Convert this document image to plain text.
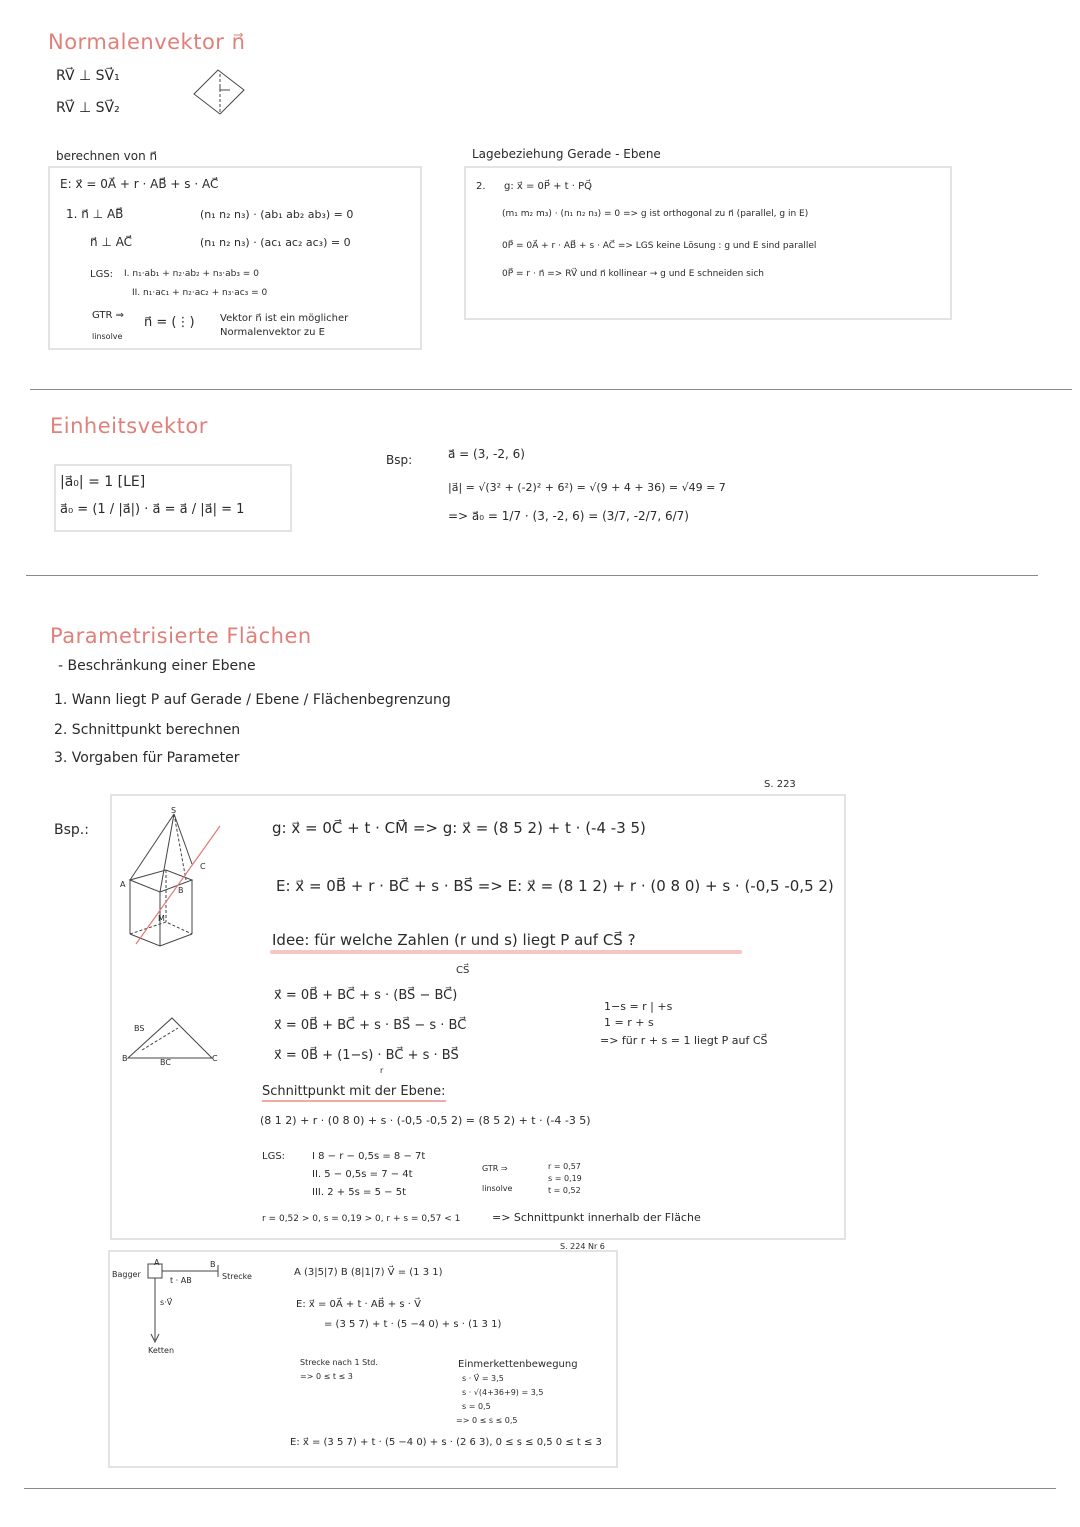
Normalenvektor n⃗
RV⃗ ⊥ SV⃗₁
RV⃗ ⊥ SV⃗₂
berechnen von n⃗
E: x⃗ = 0A⃗ + r · AB⃗ + s · AC⃗
1. n⃗ ⊥ AB⃗
n⃗ ⊥ AC⃗
(n₁ n₂ n₃) · (ab₁ ab₂ ab₃) = 0
(n₁ n₂ n₃) · (ac₁ ac₂ ac₃) = 0
LGS: I. n₁·ab₁ + n₂·ab₂ + n₃·ab₃ = 0
II. n₁·ac₁ + n₂·ac₂ + n₃·ac₃ = 0
GTR ⇒
linsolve
n⃗ = (⋮)	Vektor n⃗ ist ein möglicher
Normalenvektor zu E
Lagebeziehung Gerade - Ebene
2. g: x⃗ = 0P⃗ + t · PQ⃗
(m₁ m₂ m₃) · (n₁ n₂ n₃) = 0 => g ist orthogonal zu n⃗ (parallel, g in E)
0P⃗ = 0A⃗ + r · AB⃗ + s · AC⃗ => LGS keine Lösung : g und E sind parallel
0P⃗ = r · n⃗ => RV⃗ und n⃗ kollinear → g und E schneiden sich
Einheitsvektor
|a⃗₀| = 1 [LE]
a⃗₀ = (1 / |a⃗|) · a⃗ = a⃗ / |a⃗| = 1
Bsp:	a⃗ = (3, -2, 6)
|a⃗| = √(3² + (-2)² + 6²) = √(9 + 4 + 36) = √49 = 7
=> a⃗₀ = 1/7 · (3, -2, 6) = (3/7, -2/7, 6/7)
Parametrisierte Flächen
- Beschränkung einer Ebene
1. Wann liegt P auf Gerade / Ebene / Flächenbegrenzung
2. Schnittpunkt berechnen
3. Vorgaben für Parameter
S. 223
Bsp.:
S
A
B
C
M
B	C
BC
BS
g: x⃗ = 0C⃗ + t · CM⃗ => g: x⃗ = (8 5 2) + t · (-4 -3 5)
E: x⃗ = 0B⃗ + r · BC⃗ + s · BS⃗ => E: x⃗ = (8 1 2) + r · (0 8 0) + s · (-0,5 -0,5 2)
Idee: für welche Zahlen (r und s) liegt P auf CS⃗ ?
CS⃗
x⃗ = 0B⃗ + BC⃗ + s · (BS⃗ − BC⃗)
x⃗ = 0B⃗ + BC⃗ + s · BS⃗ − s · BC⃗
x⃗ = 0B⃗ + (1−s) · BC⃗ + s · BS⃗
r
1−s = r | +s
1 = r + s
=> für r + s = 1 liegt P auf CS⃗
Schnittpunkt mit der Ebene:
(8 1 2) + r · (0 8 0) + s · (-0,5 -0,5 2) = (8 5 2) + t · (-4 -3 5)
LGS:	I 8 − r − 0,5s = 8 − 7t
II. 5 − 0,5s = 7 − 4t
III. 2 + 5s = 5 − 5t
GTR ⇒
linsolve
r = 0,57
s = 0,19
t = 0,52
r = 0,52 > 0, s = 0,19 > 0, r + s = 0,57 < 1	=> Schnittpunkt innerhalb der Fläche
S. 224 Nr 6
Bagger
t · AB
A	B
Strecke
s·V⃗
Ketten
A (3|5|7) B (8|1|7) V⃗ = (1 3 1)
E: x⃗ = 0A⃗ + t · AB⃗ + s · V⃗
= (3 5 7) + t · (5 −4 0) + s · (1 3 1)
Strecke nach 1 Std.
=> 0 ≤ t ≤ 3
Einmerkettenbewegung
s · V⃗ = 3,5
s · √(4+36+9) = 3,5
s = 0,5
=> 0 ≤ s ≤ 0,5
E: x⃗ = (3 5 7) + t · (5 −4 0) + s · (2 6 3), 0 ≤ s ≤ 0,5 0 ≤ t ≤ 3
